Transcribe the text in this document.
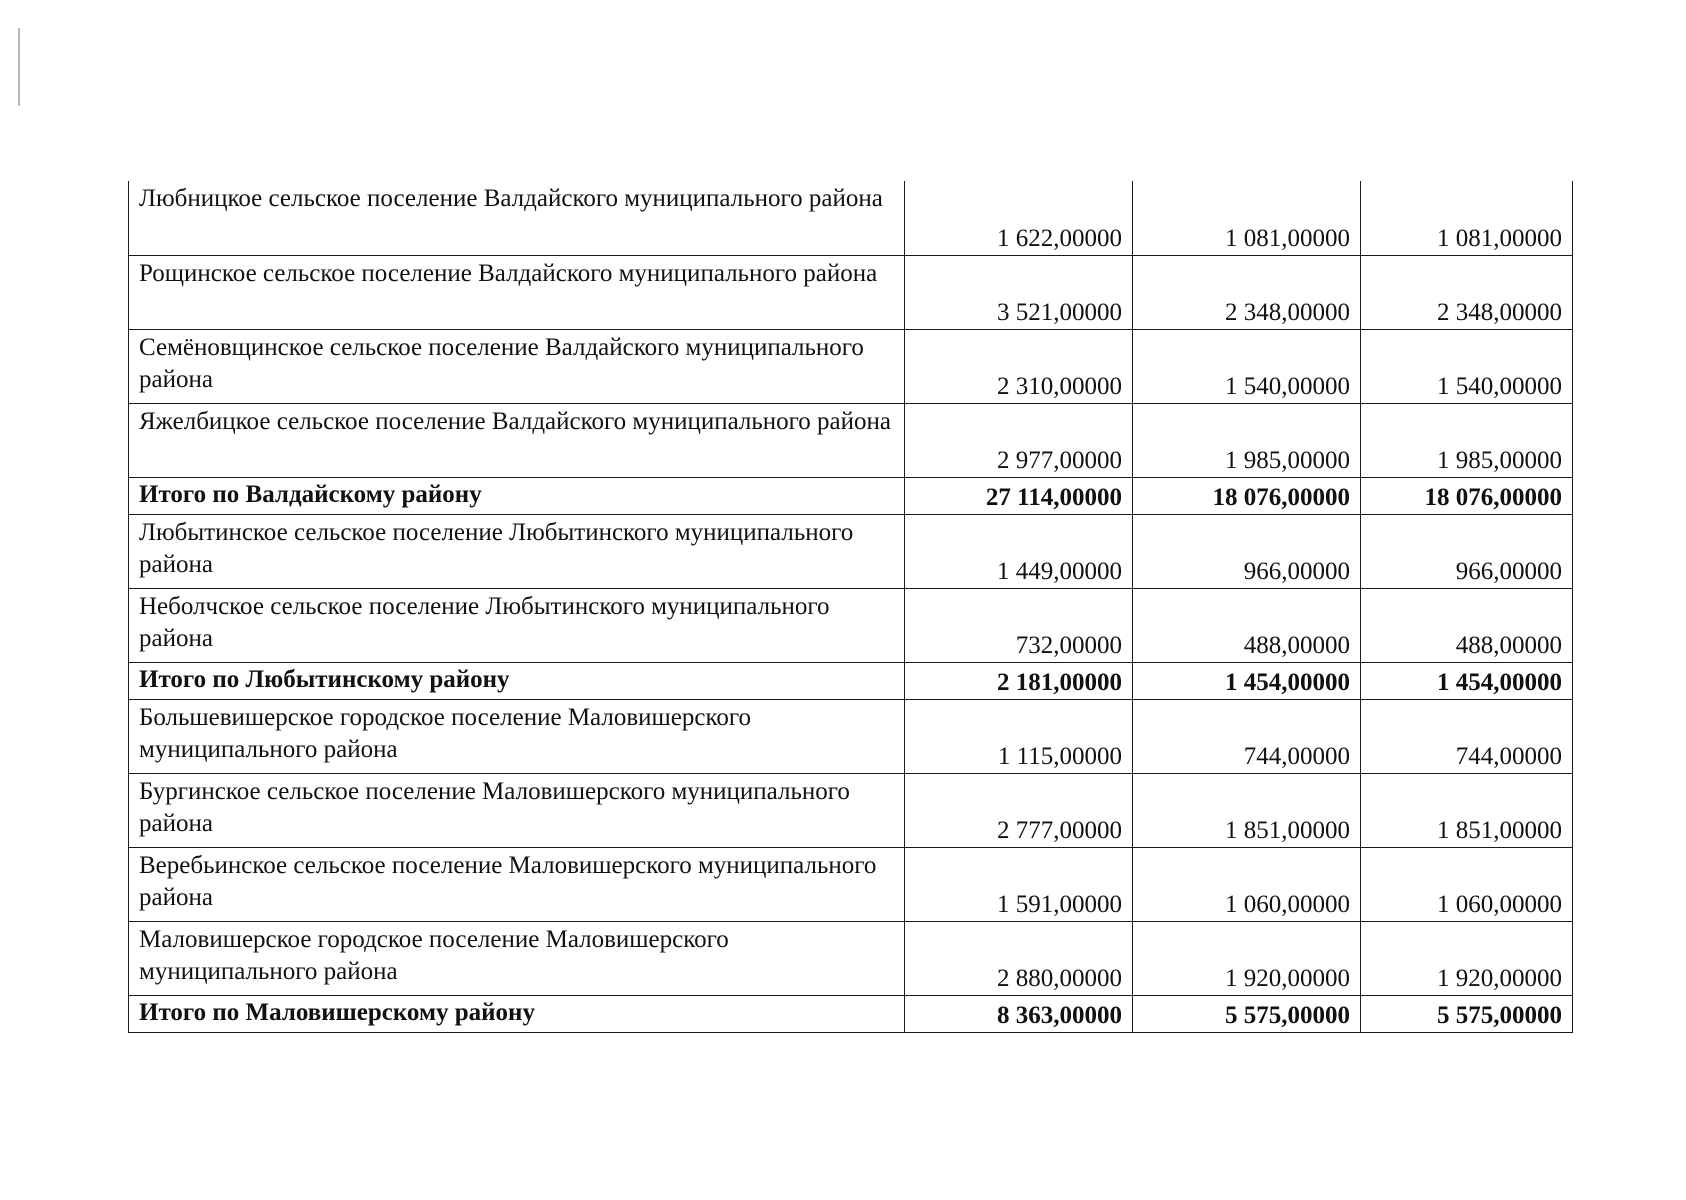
Любницкое сельское поселение Валдайского муниципального района	1 622,00000	1 081,00000	1 081,00000
Рощинское сельское поселение Валдайского муниципального района	3 521,00000	2 348,00000	2 348,00000
Семёновщинское сельское поселение Валдайского муниципального района	2 310,00000	1 540,00000	1 540,00000
Яжелбицкое сельское поселение Валдайского муниципального района	2 977,00000	1 985,00000	1 985,00000
Итого по Валдайскому району	27 114,00000	18 076,00000	18 076,00000
Любытинское сельское поселение Любытинского муниципального района	1 449,00000	966,00000	966,00000
Неболчское сельское поселение Любытинского муниципального района	732,00000	488,00000	488,00000
Итого по Любытинскому району	2 181,00000	1 454,00000	1 454,00000
Большевишерское городское поселение Маловишерского муниципального района	1 115,00000	744,00000	744,00000
Бургинское сельское поселение Маловишерского муниципального района	2 777,00000	1 851,00000	1 851,00000
Веребьинское сельское поселение Маловишерского муниципального района	1 591,00000	1 060,00000	1 060,00000
Маловишерское городское поселение Маловишерского муниципального района	2 880,00000	1 920,00000	1 920,00000
Итого по Маловишерскому району	8 363,00000	5 575,00000	5 575,00000
